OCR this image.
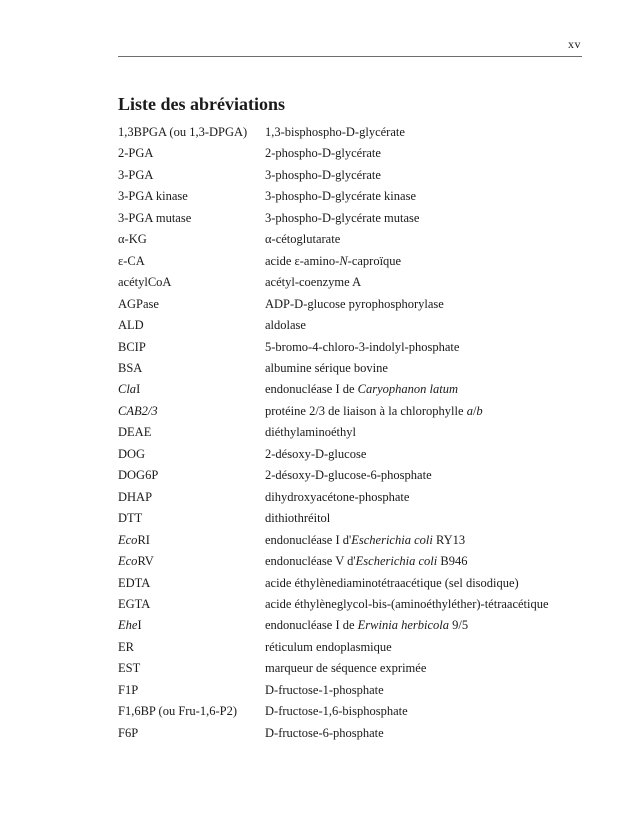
xv
Liste des abréviations
1,3BPGA (ou 1,3-DPGA)	1,3-bisphospho-D-glycérate
2-PGA	2-phospho-D-glycérate
3-PGA	3-phospho-D-glycérate
3-PGA kinase	3-phospho-D-glycérate kinase
3-PGA mutase	3-phospho-D-glycérate mutase
α-KG	α-cétoglutarate
ε-CA	acide ε-amino-N-caproïque
acétylCoA	acétyl-coenzyme A
AGPase	ADP-D-glucose pyrophosphorylase
ALD	aldolase
BCIP	5-bromo-4-chloro-3-indolyl-phosphate
BSA	albumine sérique bovine
ClaI	endonucléase I de Caryophanon latum
CAB2/3	protéine 2/3 de liaison à la chlorophylle a/b
DEAE	diéthylaminoéthyl
DOG	2-désoxy-D-glucose
DOG6P	2-désoxy-D-glucose-6-phosphate
DHAP	dihydroxyacétone-phosphate
DTT	dithiothréitol
EcoRI	endonucléase I d'Escherichia coli RY13
EcoRV	endonucléase V d'Escherichia coli B946
EDTA	acide éthylènediaminotétraacétique (sel disodique)
EGTA	acide éthylèneglycol-bis-(aminoéthyléther)-tétraacétique
EheI	endonucléase I de Erwinia herbicola 9/5
ER	réticulum endoplasmique
EST	marqueur de séquence exprimée
F1P	D-fructose-1-phosphate
F1,6BP (ou Fru-1,6-P2)	D-fructose-1,6-bisphosphate
F6P	D-fructose-6-phosphate
